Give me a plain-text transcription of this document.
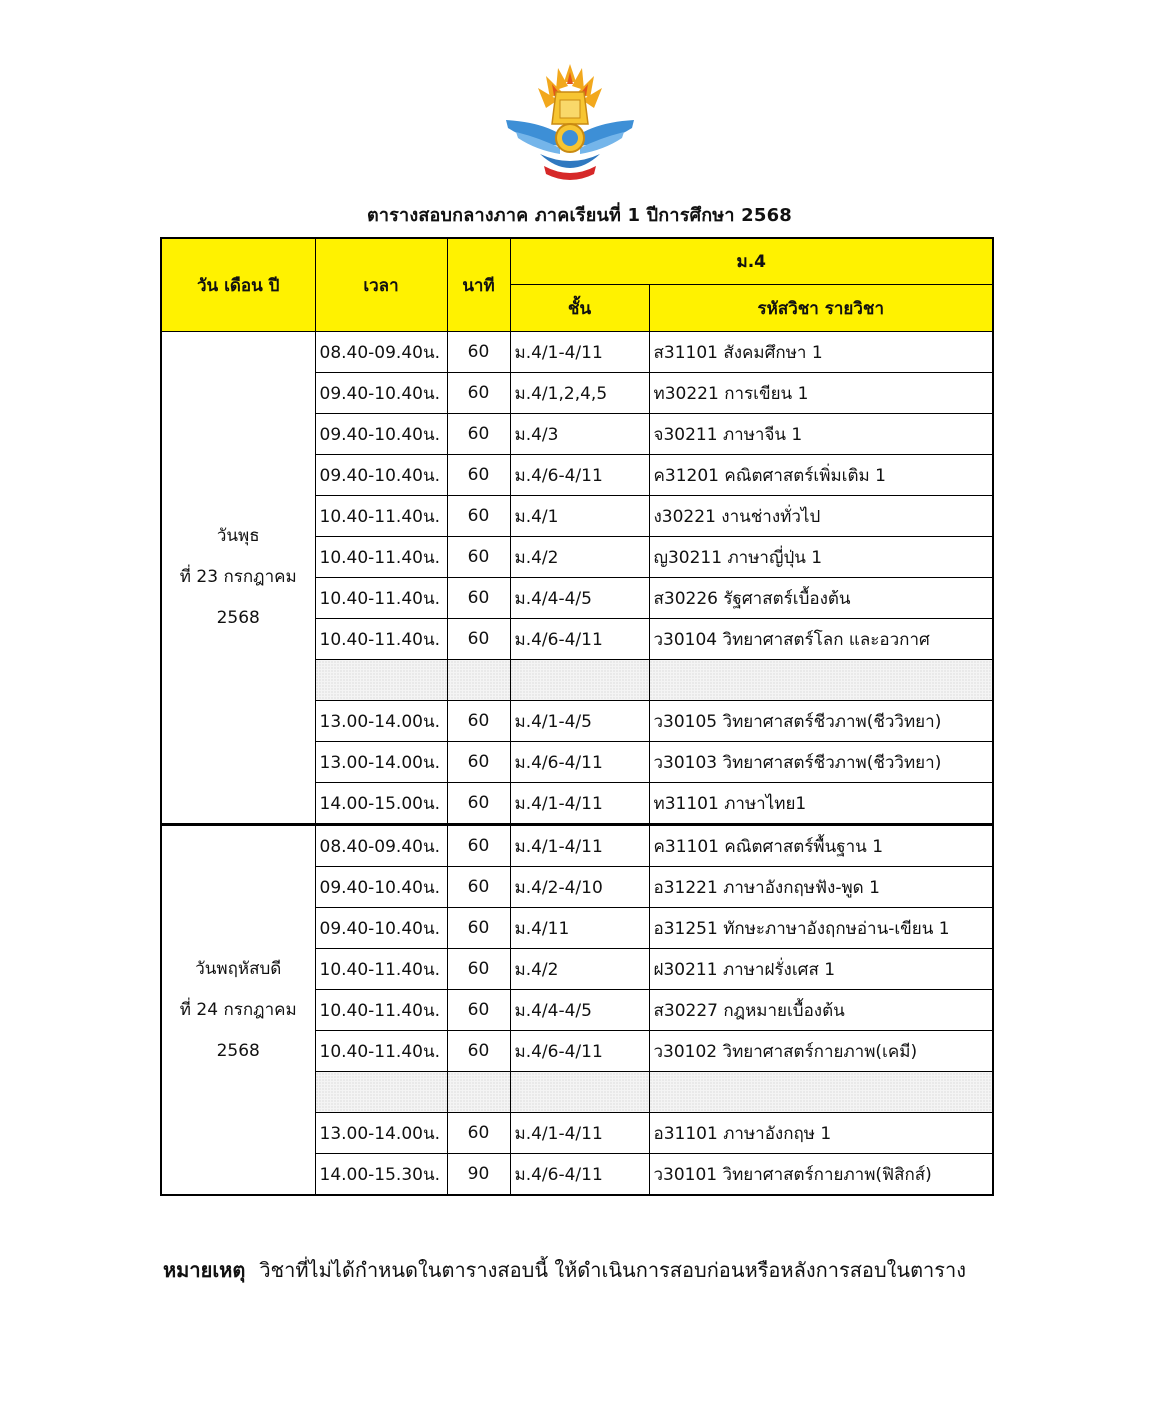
ตารางสอบกลางภาค ภาคเรียนที่ 1 ปีการศึกษา 2568
วัน เดือน ปี	เวลา	นาที	ม.4	
			ชั้น	รหัสวิชา รายวิชา
วันพุธ
ที่ 23 กรกฎาคม
2568	08.40-09.40น.	60	ม.4/1-4/11	ส31101 สังคมศึกษา 1
	09.40-10.40น.	60	ม.4/1,2,4,5	ท30221 การเขียน 1
	09.40-10.40น.	60	ม.4/3	จ30211 ภาษาจีน 1
	09.40-10.40น.	60	ม.4/6-4/11	ค31201 คณิตศาสตร์เพิ่มเติม 1
	10.40-11.40น.	60	ม.4/1	ง30221 งานช่างทั่วไป
	10.40-11.40น.	60	ม.4/2	ญ30211 ภาษาญี่ปุ่น 1
	10.40-11.40น.	60	ม.4/4-4/5	ส30226 รัฐศาสตร์เบื้องต้น
	10.40-11.40น.	60	ม.4/6-4/11	ว30104 วิทยาศาสตร์โลก และอวกาศ

	13.00-14.00น.	60	ม.4/1-4/5	ว30105 วิทยาศาสตร์ชีวภาพ(ชีววิทยา)
	13.00-14.00น.	60	ม.4/6-4/11	ว30103 วิทยาศาสตร์ชีวภาพ(ชีววิทยา)
	14.00-15.00น.	60	ม.4/1-4/11	ท31101 ภาษาไทย1
วันพฤหัสบดี
ที่ 24 กรกฎาคม
2568	08.40-09.40น.	60	ม.4/1-4/11	ค31101 คณิตศาสตร์พื้นฐาน 1
	09.40-10.40น.	60	ม.4/2-4/10	อ31221 ภาษาอังกฤษฟัง-พูด 1
	09.40-10.40น.	60	ม.4/11	อ31251 ทักษะภาษาอังฤกษอ่าน-เขียน 1
	10.40-11.40น.	60	ม.4/2	ฝ30211 ภาษาฝรั่งเศส 1
	10.40-11.40น.	60	ม.4/4-4/5	ส30227 กฎหมายเบื้องต้น
	10.40-11.40น.	60	ม.4/6-4/11	ว30102 วิทยาศาสตร์กายภาพ(เคมี)

	13.00-14.00น.	60	ม.4/1-4/11	อ31101 ภาษาอังกฤษ 1
	14.00-15.30น.	90	ม.4/6-4/11	ว30101 วิทยาศาสตร์กายภาพ(ฟิสิกส์)
หมายเหตุ วิชาที่ไม่ได้กำหนดในตารางสอบนี้ ให้ดำเนินการสอบก่อนหรือหลังการสอบในตาราง
